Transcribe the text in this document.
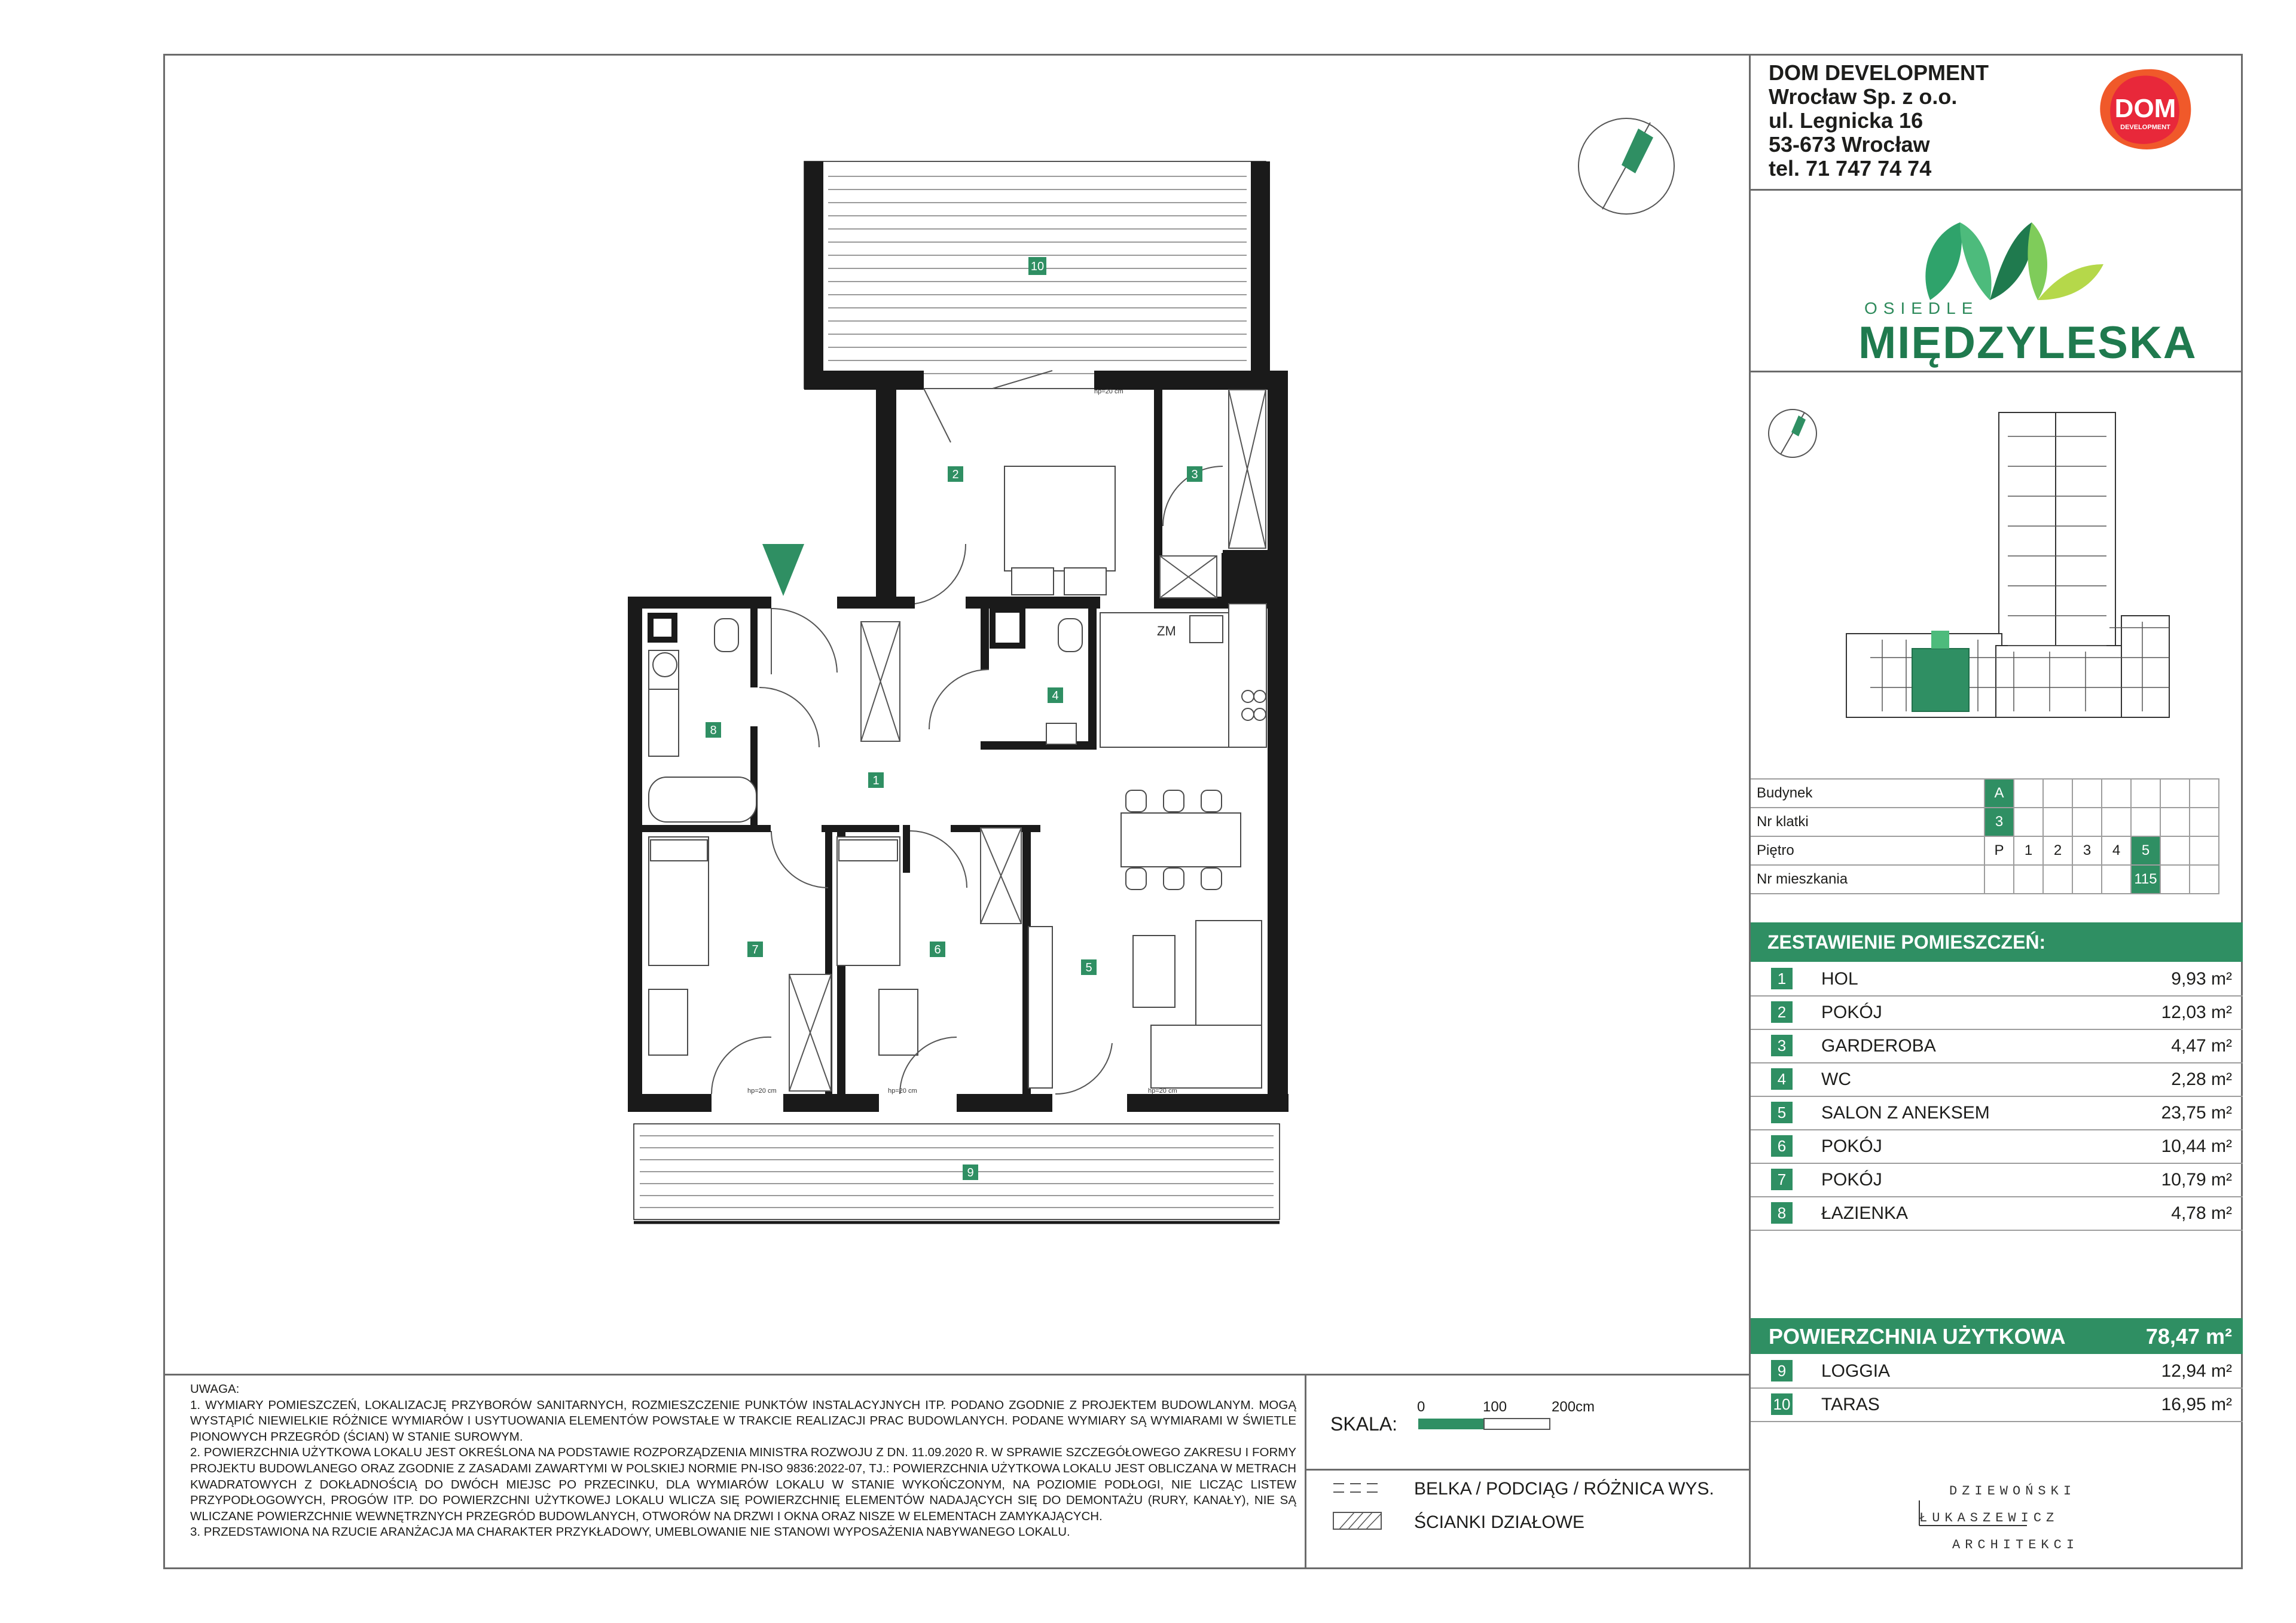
10
2	3
4
8
1
7	6
5
9
ZM
hp=20 cm
hp=20 cm	hp=20 cm	hp=20 cm
DOM DEVELOPMENT
Wrocław Sp. z o.o.
ul. Legnicka 16
53-673 Wrocław
tel. 71 747 74 74
DOM
DEVELOPMENT
OSIEDLE
MIĘDZYLESKA
Budynek	A							
Nr klatki	3							
Piętro	P	1	2	3	4	5		
Nr mieszkania						115		
ZESTAWIENIE POMIESZCZEŃ:
1	HOL	9,93 m²
2	POKÓJ	12,03 m²
3	GARDEROBA	4,47 m²
4	WC	2,28 m²
5	SALON Z ANEKSEM	23,75 m²
6	POKÓJ	10,44 m²
7	POKÓJ	10,79 m²
8	ŁAZIENKA	4,78 m²
POWIERZCHNIA UŻYTKOWA	78,47 m²
9	LOGGIA	12,94 m²
10 TARAS	16,95 m²

UWAGA:

1. WYMIARY POMIESZCZEŃ, LOKALIZACJĘ PRZYBORÓW SANITARNYCH, ROZMIESZCZENIE PUNKTÓW INSTALACYJNYCH ITP. PODANO ZGODNIE Z PROJEKTEM BUDOWLANYM. MOGĄ WYSTĄPIĆ NIEWIELKIE RÓŻNICE WYMIARÓW I USYTUOWANIA ELEMENTÓW POWSTAŁE W TRAKCIE REALIZACJI PRAC BUDOWLANYCH. PODANE WYMIARY SĄ WYMIARAMI W ŚWIETLE PIONOWYCH PRZEGRÓD (ŚCIAN) W STANIE SUROWYM.

2. POWIERZCHNIA UŻYTKOWA LOKALU JEST OKREŚLONA NA PODSTAWIE ROZPORZĄDZENIA MINISTRA ROZWOJU Z DN. 11.09.2020 R. W SPRAWIE SZCZEGÓŁOWEGO ZAKRESU I FORMY PROJEKTU BUDOWLANEGO ORAZ ZGODNIE Z ZASADAMI ZAWARTYMI W POLSKIEJ NORMIE PN-ISO 9836:2022-07, TJ.: POWIERZCHNIA UŻYTKOWA LOKALU JEST OBLICZANA W METRACH KWADRATOWYCH Z DOKŁADNOŚCIĄ DO DWÓCH MIEJSC PO PRZECINKU, DLA WYMIARÓW LOKALU W STANIE WYKOŃCZONYM, NA POZIOMIE PODŁOGI, NIE LICZĄC LISTEW PRZYPODŁOGOWYCH, PROGÓW ITP. DO POWIERZCHNI UŻYTKOWEJ LOKALU WLICZA SIĘ POWIERZCHNIĘ ELEMENTÓW NADAJĄCYCH SIĘ DO DEMONTAŻU (RURY, KANAŁY), NIE SĄ WLICZANE POWIERZCHNIE WEWNĘTRZNYCH PRZEGRÓD BUDOWLANYCH, OTWORÓW NA DRZWI I OKNA ORAZ NISZE W ELEMENTACH ZAMYKAJĄCYCH.

3. PRZEDSTAWIONA NA RZUCIE ARANŻACJA MA CHARAKTER PRZYKŁADOWY, UMEBLOWANIE NIE STANOWI WYPOSAŻENIA NABYWANEGO LOKALU.

SKALA:
0	100	200cm
BELKA / PODCIĄG / RÓŻNICA WYS.
ŚCIANKI DZIAŁOWE
DZIEWOŃSKI
ŁUKASZEWICZ
ARCHITEKCI
